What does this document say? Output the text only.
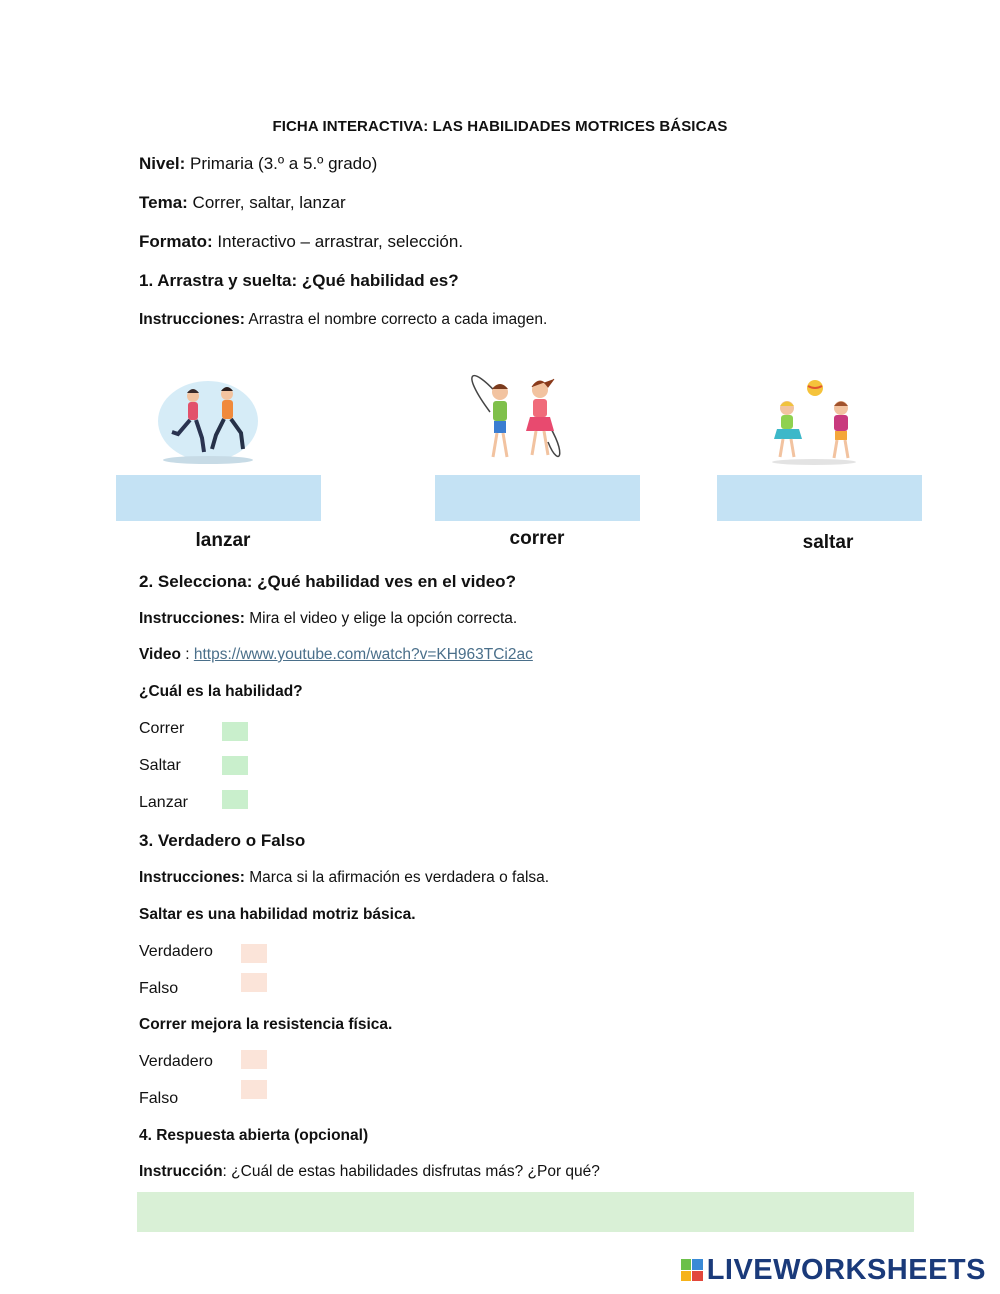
FICHA INTERACTIVA: LAS HABILIDADES MOTRICES BÁSICAS
Nivel: Primaria (3.º a 5.º grado)
Tema: Correr, saltar, lanzar
Formato: Interactivo – arrastrar, selección.
1. Arrastra y suelta: ¿Qué habilidad es?
Instrucciones: Arrastra el nombre correcto a cada imagen.
lanzar	correr	saltar
2. Selecciona: ¿Qué habilidad ves en el video?
Instrucciones: Mira el video y elige la opción correcta.
Video : https://www.youtube.com/watch?v=KH963TCi2ac
¿Cuál es la habilidad?
Correr
Saltar
Lanzar
3. Verdadero o Falso
Instrucciones: Marca si la afirmación es verdadera o falsa.
Saltar es una habilidad motriz básica.
Verdadero
Falso
Correr mejora la resistencia física.
Verdadero
Falso
4. Respuesta abierta (opcional)
Instrucción: ¿Cuál de estas habilidades disfrutas más? ¿Por qué?
LIVEWORKSHEETS
